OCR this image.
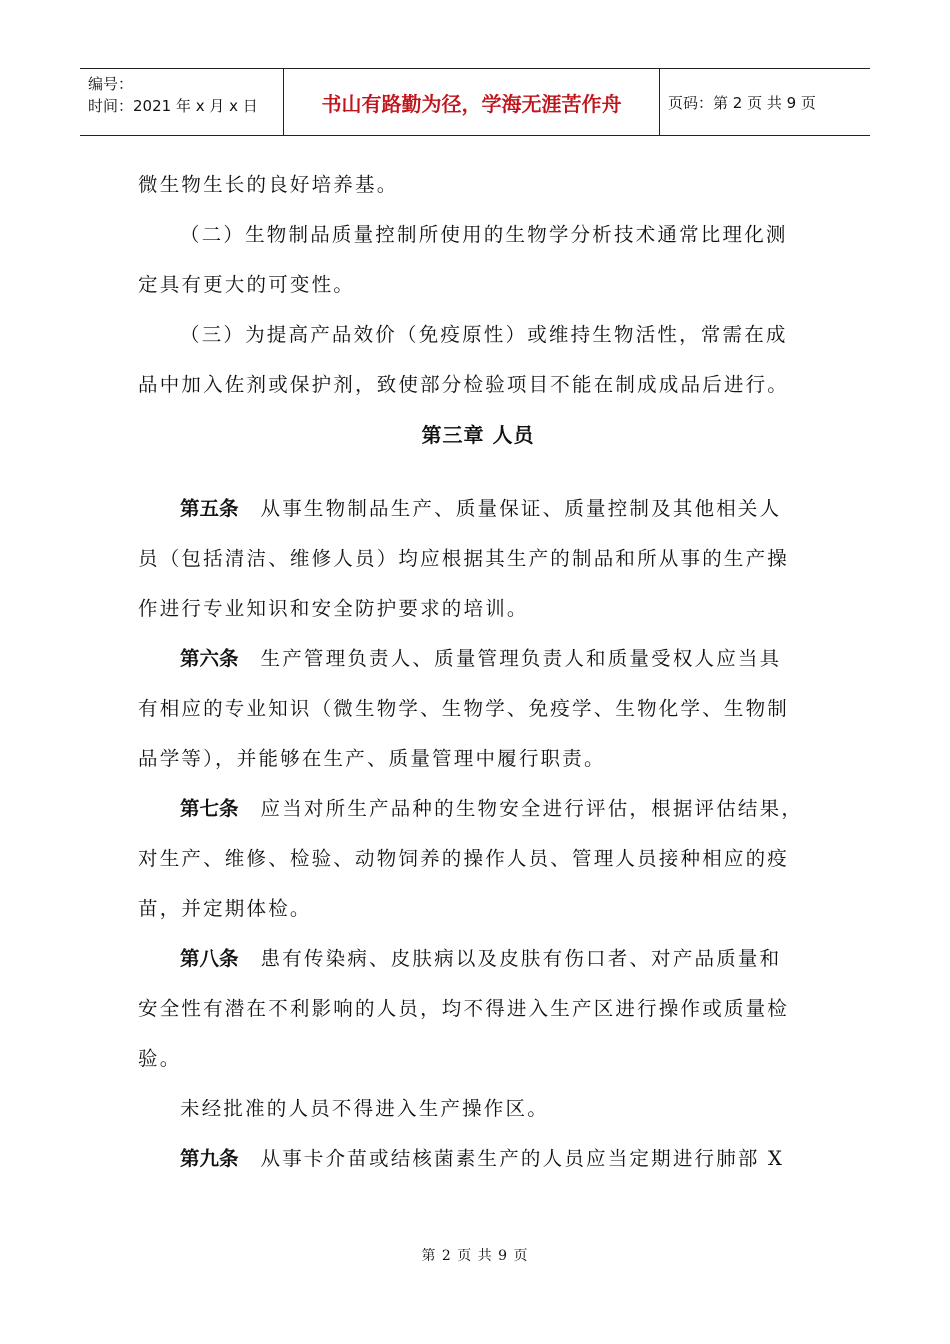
编号：
时间：2021 年 x 月 x 日	书山有路勤为径，学海无涯苦作舟	页码：第 2 页 共 9 页

微生物生长的良好培养基。

（二）生物制品质量控制所使用的生物学分析技术通常比理化测

定具有更大的可变性。

（三）为提高产品效价（免疫原性）或维持生物活性，常需在成

品中加入佐剂或保护剂，致使部分检验项目不能在制成成品后进行。

第三章 人员

第五条 从事生物制品生产、质量保证、质量控制及其他相关人

员（包括清洁、维修人员）均应根据其生产的制品和所从事的生产操

作进行专业知识和安全防护要求的培训。

第六条 生产管理负责人、质量管理负责人和质量受权人应当具

有相应的专业知识（微生物学、生物学、免疫学、生物化学、生物制

品学等），并能够在生产、质量管理中履行职责。

第七条 应当对所生产品种的生物安全进行评估，根据评估结果，

对生产、维修、检验、动物饲养的操作人员、管理人员接种相应的疫

苗，并定期体检。

第八条 患有传染病、皮肤病以及皮肤有伤口者、对产品质量和

安全性有潜在不利影响的人员，均不得进入生产区进行操作或质量检

验。

未经批准的人员不得进入生产操作区。

第九条 从事卡介苗或结核菌素生产的人员应当定期进行肺部 X

第 2 页 共 9 页
